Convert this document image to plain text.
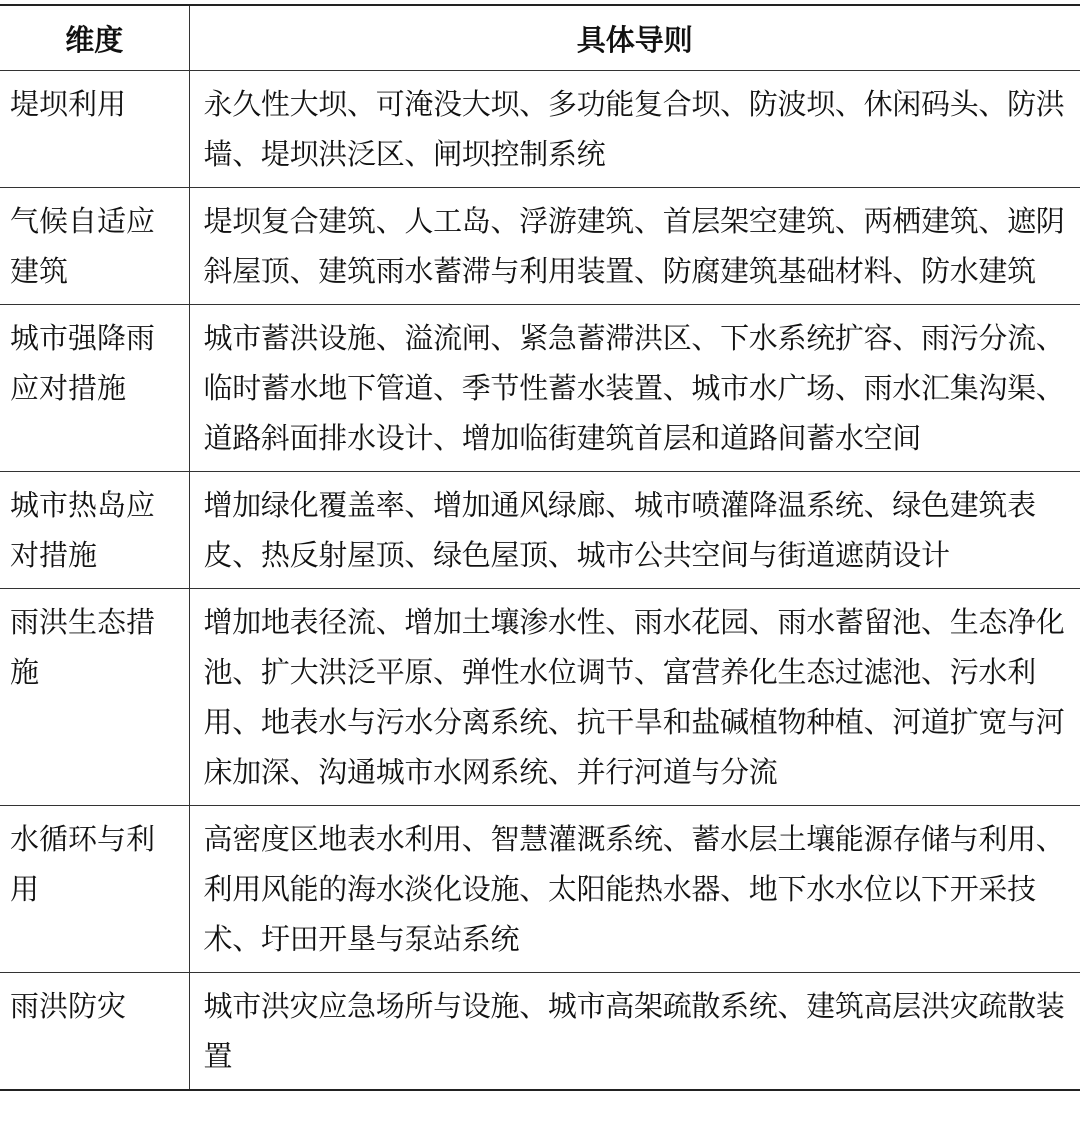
维度	具体导则
堤坝利用	永久性大坝、可淹没大坝、多功能复合坝、防波坝、休闲码头、防洪墙、堤坝洪泛区、闸坝控制系统
气候自适应建筑	堤坝复合建筑、人工岛、浮游建筑、首层架空建筑、两栖建筑、遮阴斜屋顶、建筑雨水蓄滞与利用装置、防腐建筑基础材料、防水建筑
城市强降雨应对措施	城市蓄洪设施、溢流闸、紧急蓄滞洪区、下水系统扩容、雨污分流、临时蓄水地下管道、季节性蓄水装置、城市水广场、雨水汇集沟渠、道路斜面排水设计、增加临街建筑首层和道路间蓄水空间
城市热岛应对措施	增加绿化覆盖率、增加通风绿廊、城市喷灌降温系统、绿色建筑表皮、热反射屋顶、绿色屋顶、城市公共空间与街道遮荫设计
雨洪生态措施	增加地表径流、增加土壤渗水性、雨水花园、雨水蓄留池、生态净化池、扩大洪泛平原、弹性水位调节、富营养化生态过滤池、污水利用、地表水与污水分离系统、抗干旱和盐碱植物种植、河道扩宽与河床加深、沟通城市水网系统、并行河道与分流
水循环与利用	高密度区地表水利用、智慧灌溉系统、蓄水层土壤能源存储与利用、利用风能的海水淡化设施、太阳能热水器、地下水水位以下开采技术、圩田开垦与泵站系统
雨洪防灾	城市洪灾应急场所与设施、城市高架疏散系统、建筑高层洪灾疏散装置
